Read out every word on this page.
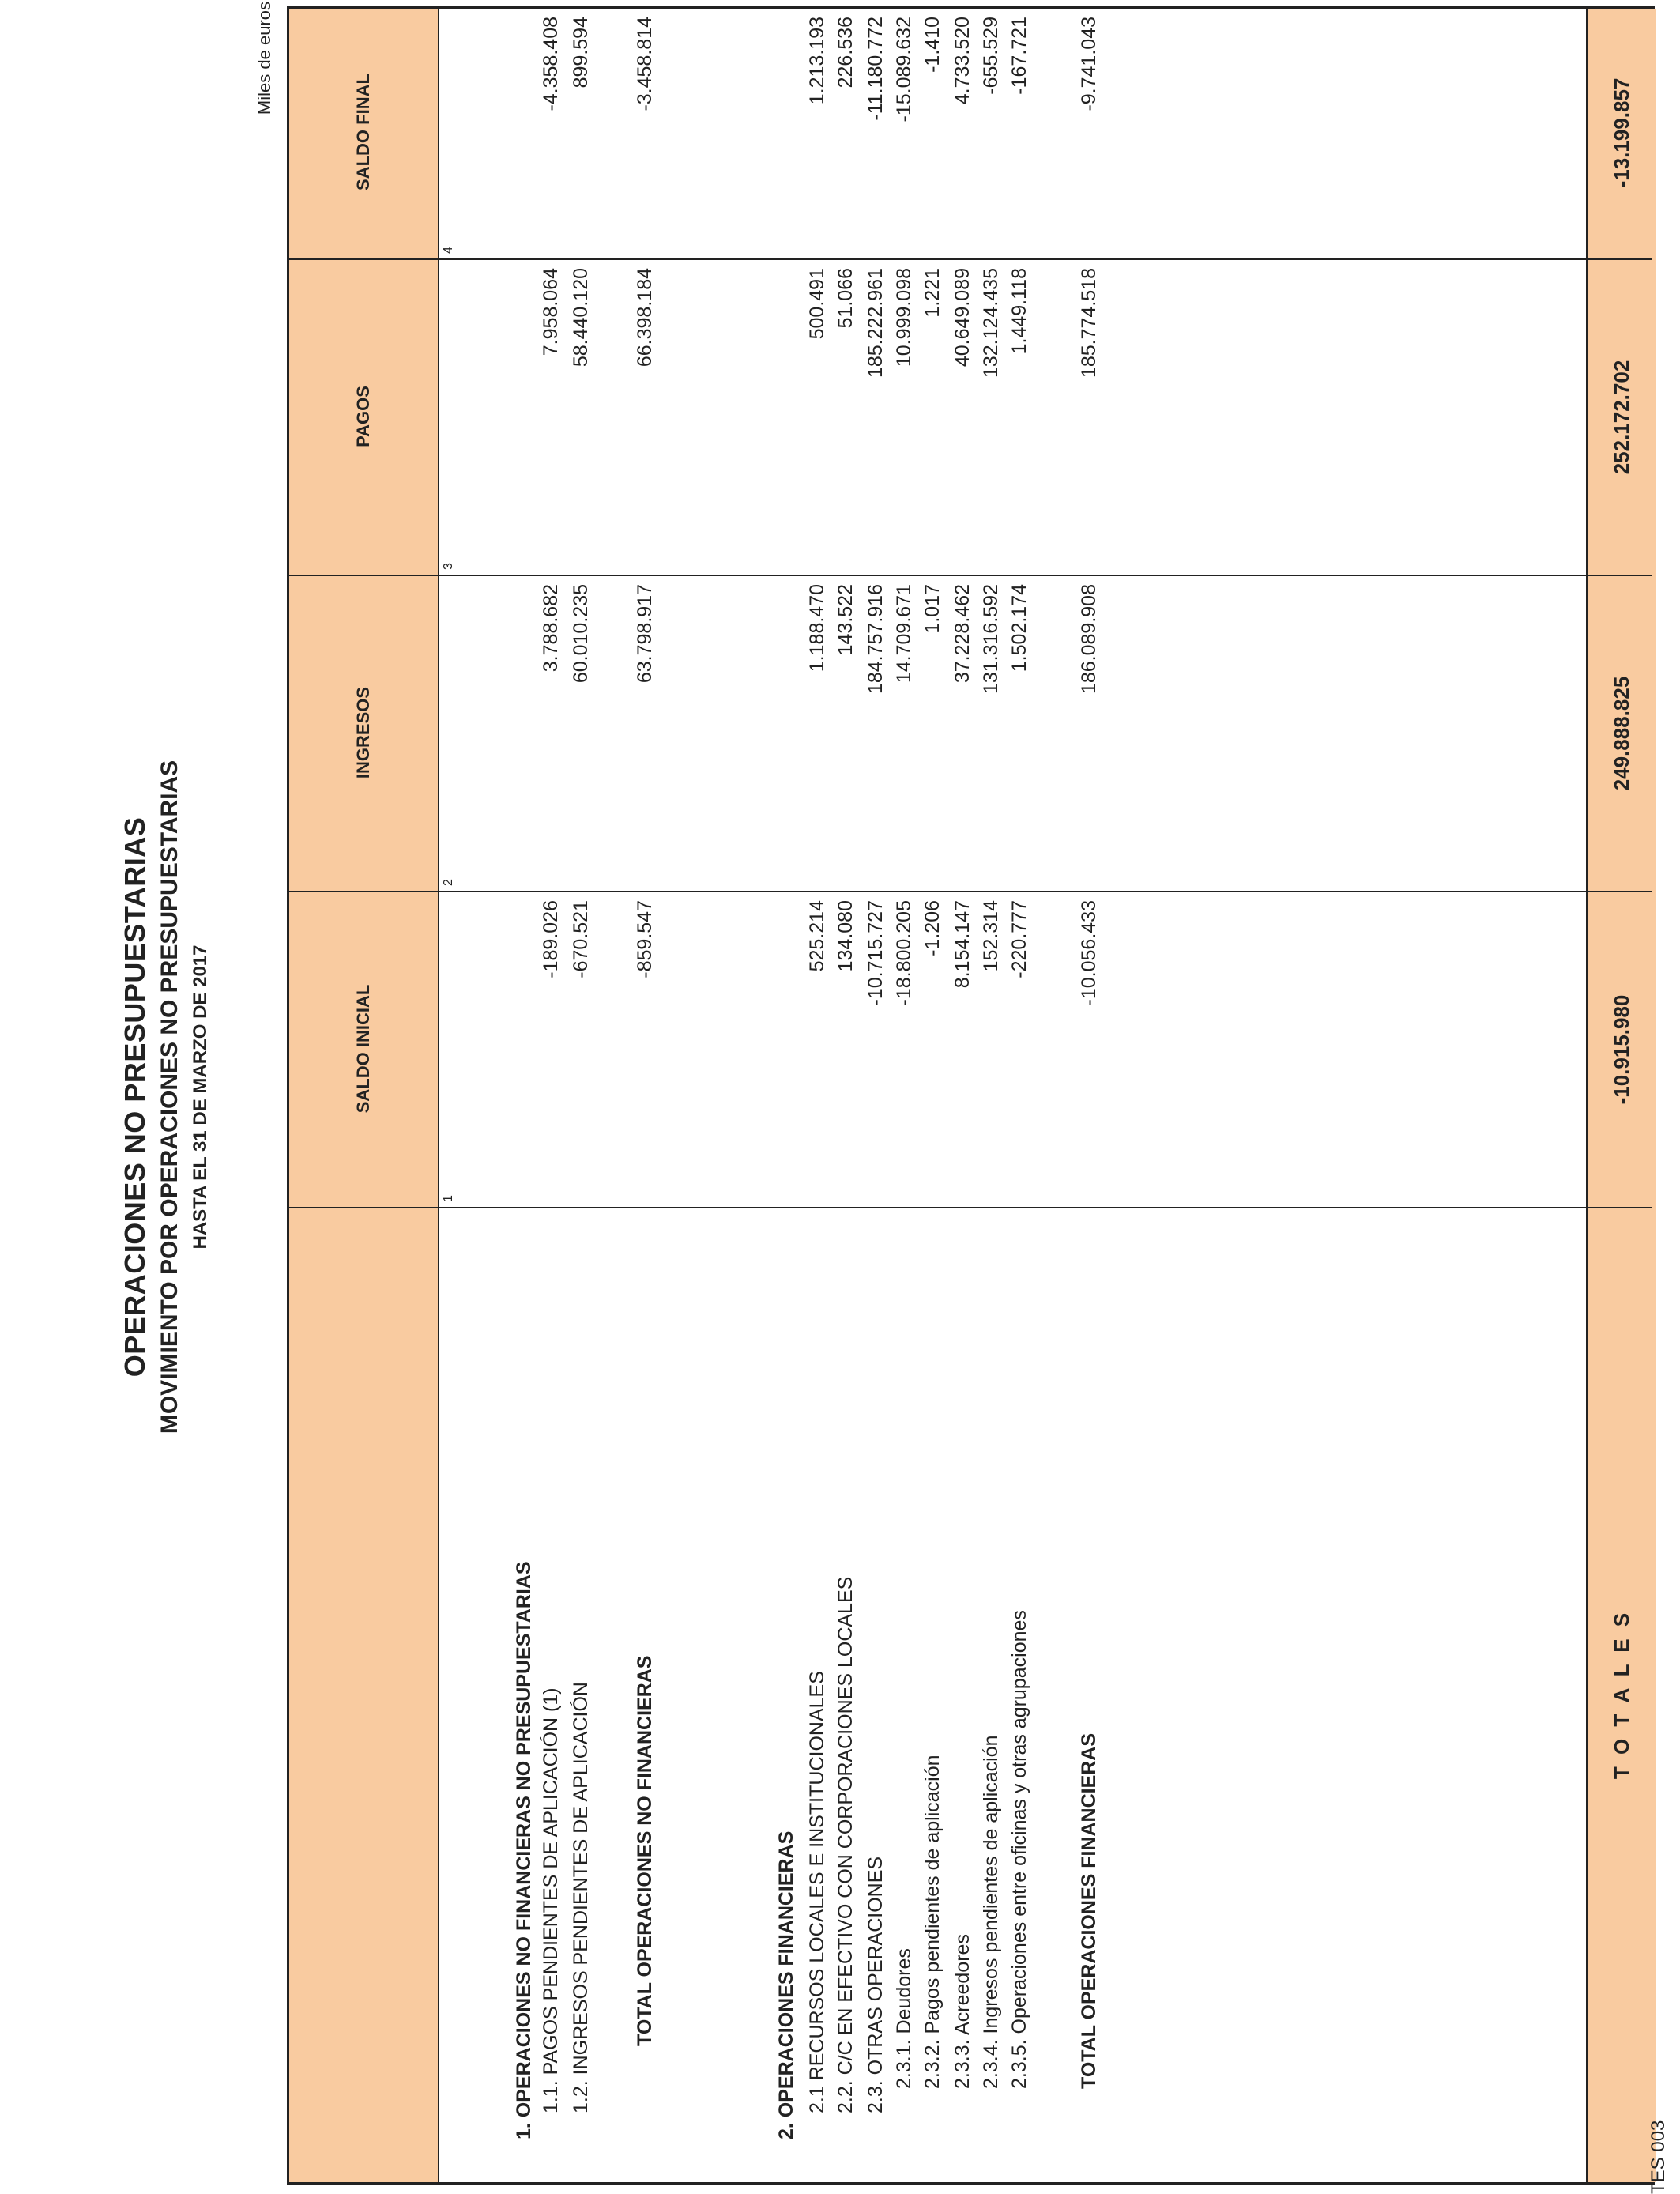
OPERACIONES NO PRESUPUESTARIAS MOVIMIENTO POR OPERACIONES NO PRESUPUESTARIAS HASTA EL 31 DE MARZO DE 2017
Miles de euros
SALDO INICIAL
INGRESOS
PAGOS
SALDO FINAL
1
2
3
4
1. OPERACIONES NO FINANCIERAS NO PRESUPUESTARIAS 1.1. PAGOS PENDIENTES DE APLICACIÓN (1) 1.2. INGRESOS PENDIENTES DE APLICACIÓN TOTAL OPERACIONES NO FINANCIERAS	2. OPERACIONES FINANCIERAS 2.1 RECURSOS LOCALES E INSTITUCIONALES 2.2. C/C EN EFECTIVO CON CORPORACIONES LOCALES 2.3. OTRAS OPERACIONES 2.3.1. Deudores 2.3.2. Pagos pendientes de aplicación 2.3.3. Acreedores 2.3.4. Ingresos pendientes de aplicación 2.3.5. Operaciones entre oficinas y otras agrupaciones TOTAL OPERACIONES FINANCIERAS
-189.026
3.788.682
7.958.064
-4.358.408
-670.521
60.010.235
58.440.120
899.594
-859.547
63.798.917
66.398.184
-3.458.814
525.214
1.188.470
500.491
1.213.193
134.080
143.522
51.066
226.536
-10.715.727
184.757.916
185.222.961
-11.180.772
-18.800.205
14.709.671
10.999.098
-15.089.632
-1.206
1.017
1.221
-1.410
8.154.147
37.228.462
40.649.089
4.733.520
152.314
131.316.592
132.124.435
-655.529
-220.777
1.502.174
1.449.118
-167.721
-10.056.433
186.089.908
185.774.518
-9.741.043
T O T A L E S
-10.915.980
249.888.825
252.172.702
-13.199.857
TES 003
